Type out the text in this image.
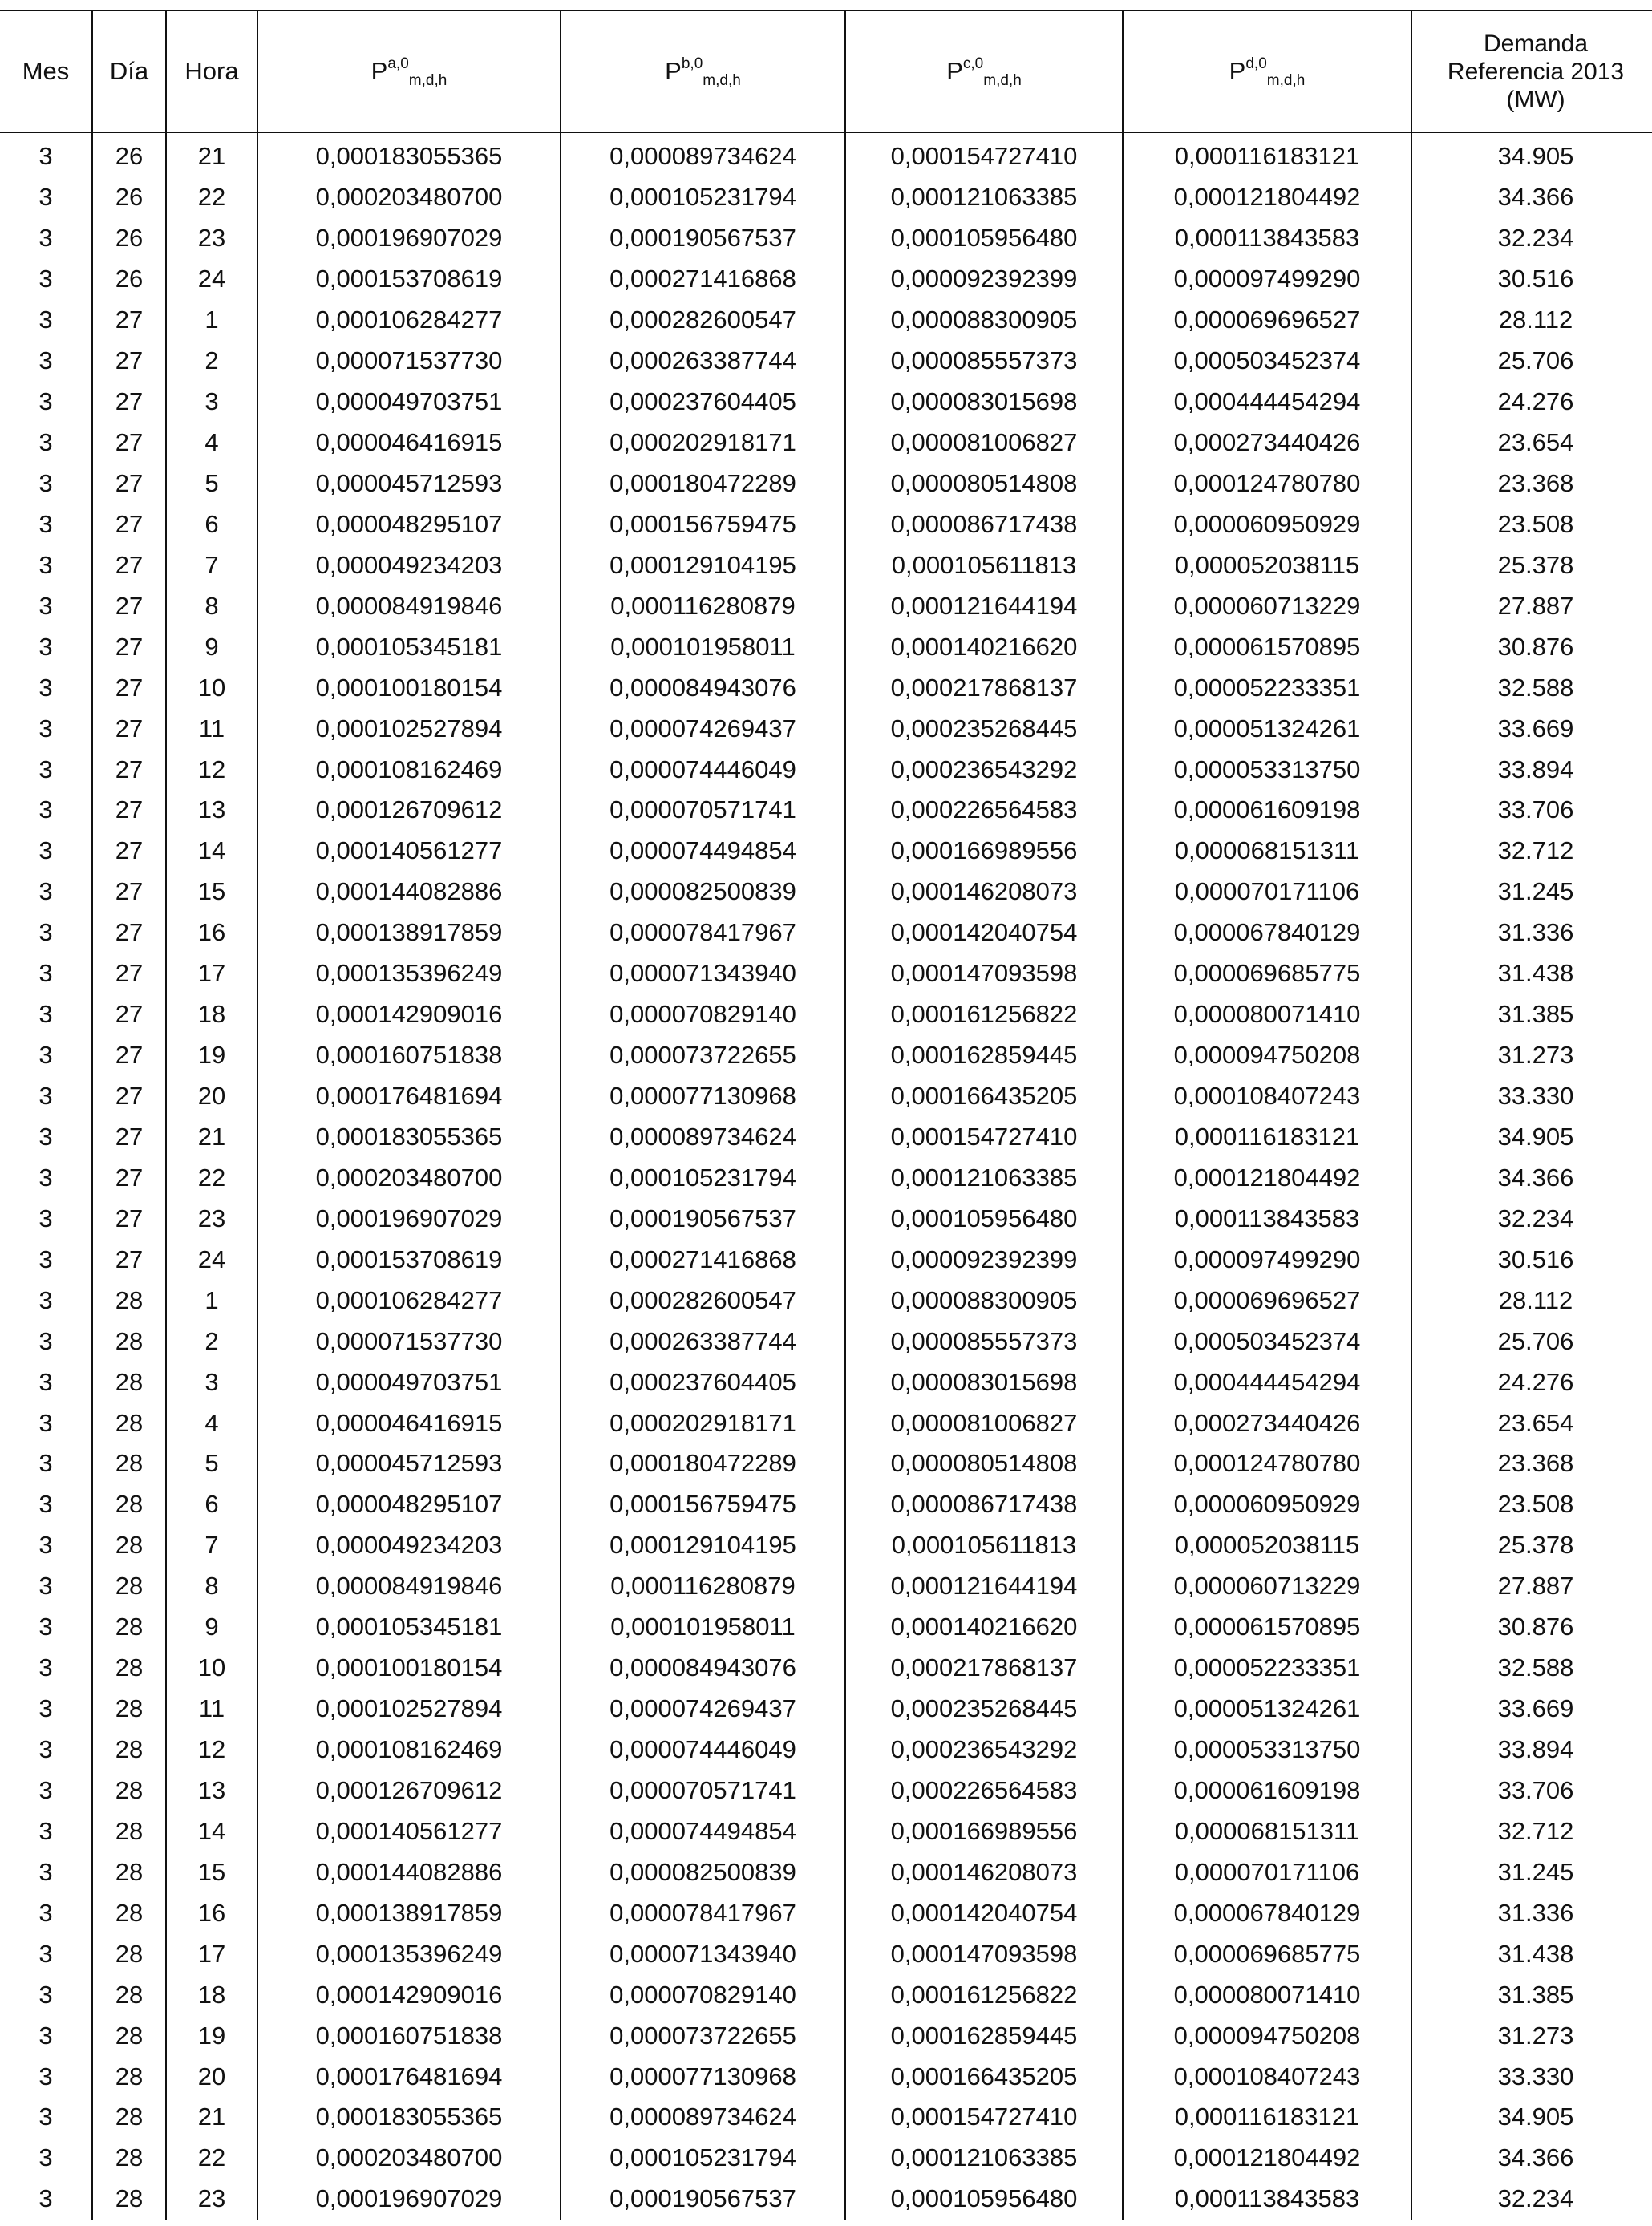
Mes	Día	Hora	P$^{a,0}_{m,d,h}$	P$^{b,0}_{m,d,h}$	P$^{c,0}_{m,d,h}$	P$^{d,0}_{m,d,h}$	Demanda
Referencia 2013
(MW)

3	26	21	0,000183055365	0,000089734624	0,000154727410	0,000116183121	34.905
3	26	22	0,000203480700	0,000105231794	0,000121063385	0,000121804492	34.366
3	26	23	0,000196907029	0,000190567537	0,000105956480	0,000113843583	32.234
3	26	24	0,000153708619	0,000271416868	0,000092392399	0,000097499290	30.516
3	27	1	0,000106284277	0,000282600547	0,000088300905	0,000069696527	28.112
3	27	2	0,000071537730	0,000263387744	0,000085557373	0,000503452374	25.706
3	27	3	0,000049703751	0,000237604405	0,000083015698	0,000444454294	24.276
3	27	4	0,000046416915	0,000202918171	0,000081006827	0,000273440426	23.654
3	27	5	0,000045712593	0,000180472289	0,000080514808	0,000124780780	23.368
3	27	6	0,000048295107	0,000156759475	0,000086717438	0,000060950929	23.508
3	27	7	0,000049234203	0,000129104195	0,000105611813	0,000052038115	25.378
3	27	8	0,000084919846	0,000116280879	0,000121644194	0,000060713229	27.887
3	27	9	0,000105345181	0,000101958011	0,000140216620	0,000061570895	30.876
3	27	10	0,000100180154	0,000084943076	0,000217868137	0,000052233351	32.588
3	27	11	0,000102527894	0,000074269437	0,000235268445	0,000051324261	33.669
3	27	12	0,000108162469	0,000074446049	0,000236543292	0,000053313750	33.894
3	27	13	0,000126709612	0,000070571741	0,000226564583	0,000061609198	33.706
3	27	14	0,000140561277	0,000074494854	0,000166989556	0,000068151311	32.712
3	27	15	0,000144082886	0,000082500839	0,000146208073	0,000070171106	31.245
3	27	16	0,000138917859	0,000078417967	0,000142040754	0,000067840129	31.336
3	27	17	0,000135396249	0,000071343940	0,000147093598	0,000069685775	31.438
3	27	18	0,000142909016	0,000070829140	0,000161256822	0,000080071410	31.385
3	27	19	0,000160751838	0,000073722655	0,000162859445	0,000094750208	31.273
3	27	20	0,000176481694	0,000077130968	0,000166435205	0,000108407243	33.330
3	27	21	0,000183055365	0,000089734624	0,000154727410	0,000116183121	34.905
3	27	22	0,000203480700	0,000105231794	0,000121063385	0,000121804492	34.366
3	27	23	0,000196907029	0,000190567537	0,000105956480	0,000113843583	32.234
3	27	24	0,000153708619	0,000271416868	0,000092392399	0,000097499290	30.516
3	28	1	0,000106284277	0,000282600547	0,000088300905	0,000069696527	28.112
3	28	2	0,000071537730	0,000263387744	0,000085557373	0,000503452374	25.706
3	28	3	0,000049703751	0,000237604405	0,000083015698	0,000444454294	24.276
3	28	4	0,000046416915	0,000202918171	0,000081006827	0,000273440426	23.654
3	28	5	0,000045712593	0,000180472289	0,000080514808	0,000124780780	23.368
3	28	6	0,000048295107	0,000156759475	0,000086717438	0,000060950929	23.508
3	28	7	0,000049234203	0,000129104195	0,000105611813	0,000052038115	25.378
3	28	8	0,000084919846	0,000116280879	0,000121644194	0,000060713229	27.887
3	28	9	0,000105345181	0,000101958011	0,000140216620	0,000061570895	30.876
3	28	10	0,000100180154	0,000084943076	0,000217868137	0,000052233351	32.588
3	28	11	0,000102527894	0,000074269437	0,000235268445	0,000051324261	33.669
3	28	12	0,000108162469	0,000074446049	0,000236543292	0,000053313750	33.894
3	28	13	0,000126709612	0,000070571741	0,000226564583	0,000061609198	33.706
3	28	14	0,000140561277	0,000074494854	0,000166989556	0,000068151311	32.712
3	28	15	0,000144082886	0,000082500839	0,000146208073	0,000070171106	31.245
3	28	16	0,000138917859	0,000078417967	0,000142040754	0,000067840129	31.336
3	28	17	0,000135396249	0,000071343940	0,000147093598	0,000069685775	31.438
3	28	18	0,000142909016	0,000070829140	0,000161256822	0,000080071410	31.385
3	28	19	0,000160751838	0,000073722655	0,000162859445	0,000094750208	31.273
3	28	20	0,000176481694	0,000077130968	0,000166435205	0,000108407243	33.330
3	28	21	0,000183055365	0,000089734624	0,000154727410	0,000116183121	34.905
3	28	22	0,000203480700	0,000105231794	0,000121063385	0,000121804492	34.366
3	28	23	0,000196907029	0,000190567537	0,000105956480	0,000113843583	32.234
